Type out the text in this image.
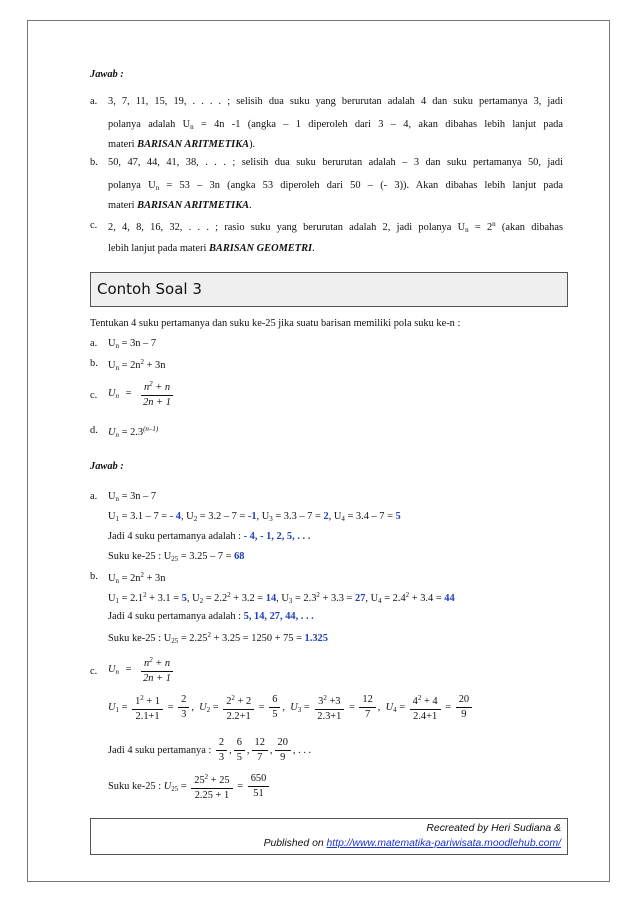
Jawab :
a. 3, 7, 11, 15, 19, . . . . ; selisih dua suku yang berurutan adalah 4 dan suku pertamanya 3, jadi
polanya adalah $U_n = 4n$ -1 (angka – 1 diperoleh dari 3 – 4, akan dibahas lebih lanjut pada
materi BARISAN ARITMETIKA).
b. 50, 47, 44, 41, 38, . . . ; selisih dua suku berurutan adalah – 3 dan suku pertamanya 50, jadi
polanya $U_n = 53 - 3n$ (angka 53 diperoleh dari 50 – (- 3)). Akan dibahas lebih lanjut pada
materi BARISAN ARITMETIKA.
c. 2, 4, 8, 16, 32, . . . ; rasio suku yang berurutan adalah 2, jadi polanya $U_n = 2^n$ (akan dibahas
lebih lanjut pada materi BARISAN GEOMETRI.
Contoh Soal 3
Tentukan 4 suku pertamanya dan suku ke-25 jika suatu barisan memiliki pola suku ke-n :
a. $U_n = 3n - 7$
b. $U_n = 2n^2 + 3n$
c. $U_n = \frac{n^2 + n}{2n + 1}$
d. $U_n = 2.3^{(n-1)}$
Jawab :
a. $U_n = 3n - 7$
$U_1 = 3.1 - 7$ = - 4, $U_2 = 3.2 - 7 = -1$, $U_3 = 3.3 - 7 = 2$, $U_4 = 3.4 - 7 = 5$
Jadi 4 suku pertamanya adalah : - 4, - 1, 2, 5, . . .
Suku ke-25 : $U_{25} = 3.25 - 7 = 68$
b. $U_n = 2n^2 + 3n$
$U_1 = 2.1^2 + 3.1 = 5$, $U_2 = 2.2^2 + 3.2 = 14$, $U_3 = 2.3^2 + 3.3 = 27$, $U_4 = 2.4^2 + 3.4 = 44$
Jadi 4 suku pertamanya adalah : 5, 14, 27, 44, . . .
Suku ke-25 : $U_{25} = 2.25^2 + 3.25 = 1250 + 75 = 1.325$
c. $U_n = \frac{n^2 + n}{2n + 1}$
$U_1 = \frac{1^2 + 1}{2.1+1} = \frac{2}{3}$ ,  $U_2 = \frac{2^2 + 2}{2.2+1} = \frac{6}{5}$ ,  $U_3 = \frac{3^2 +3}{2.3+1} = \frac{12}{7}$ ,  $U_4 = \frac{4^2 + 4}{2.4+1} = \frac{20}{9}$
Jadi 4 suku pertamanya : $\frac{2}{3}$ , $\frac{6}{5}$ , $\frac{12}{7}$ , $\frac{20}{9}$ , . . .
Suku ke-25 : $U_{25} = \frac{25^2 + 25}{2.25 + 1} = \frac{650}{51}$
Recreated by Heri Sudiana &
Published on http://www.matematika-pariwisata.moodlehub.com/
